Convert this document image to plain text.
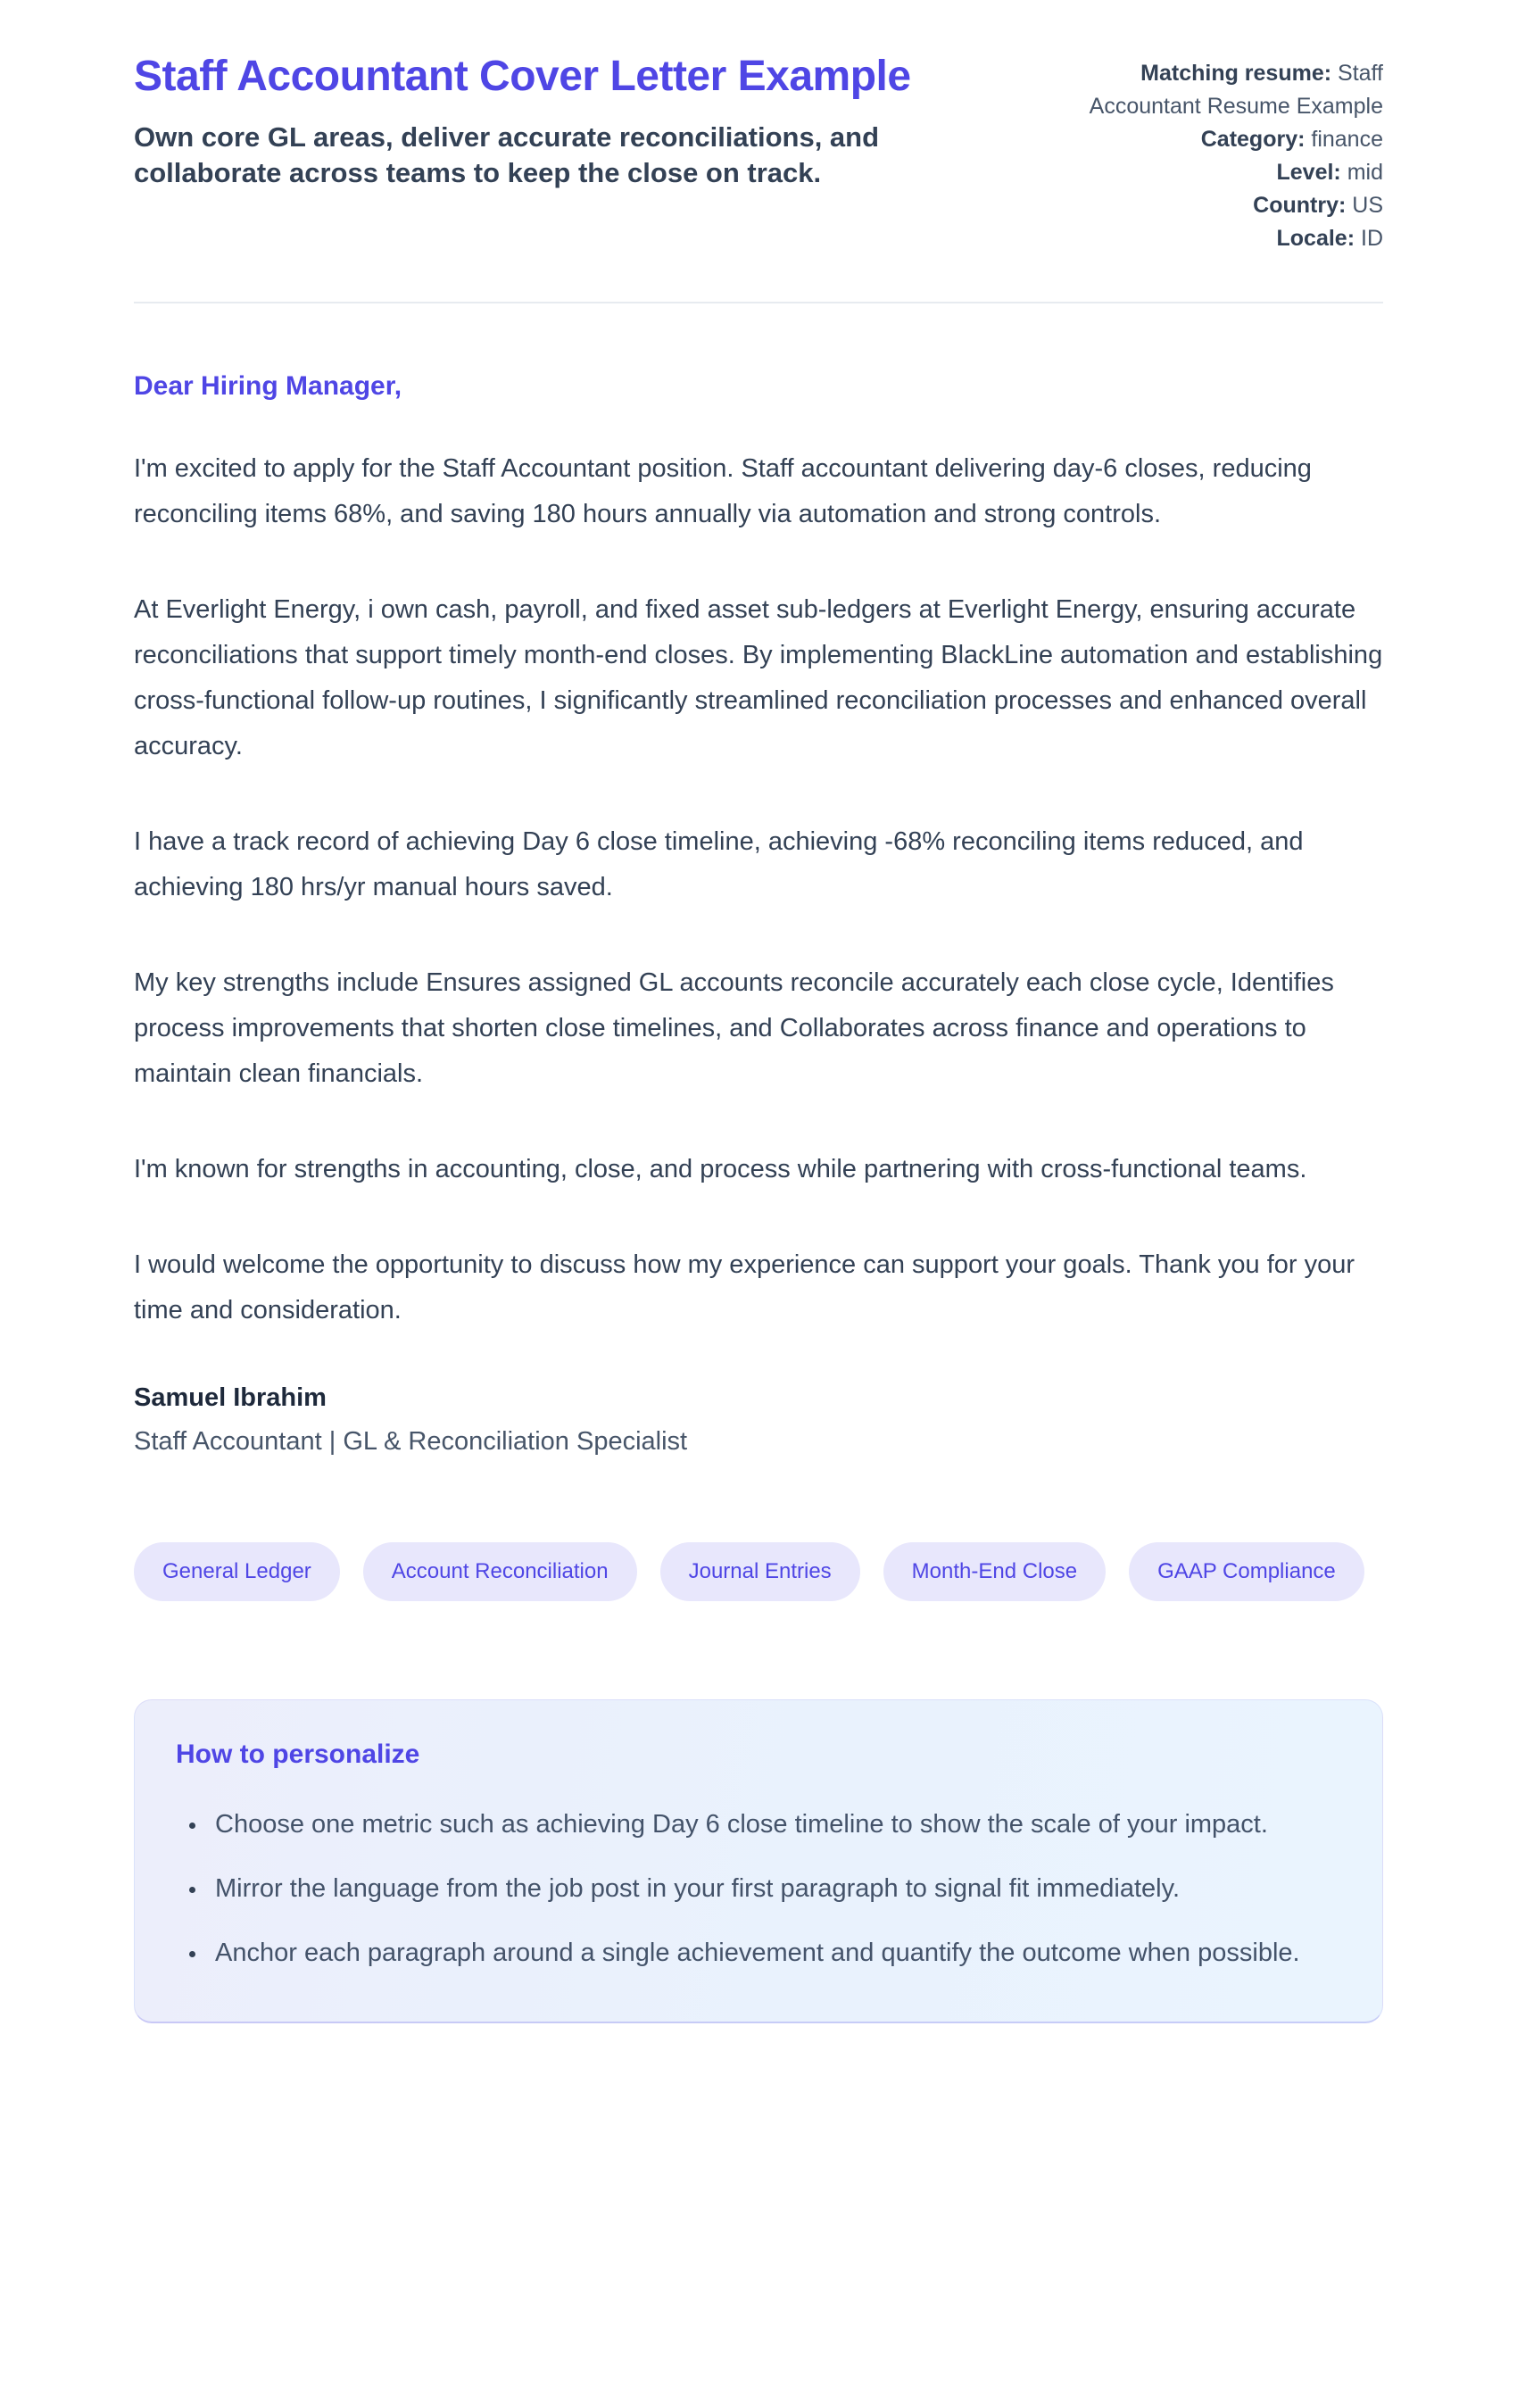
Staff Accountant Cover Letter Example
Own core GL areas, deliver accurate reconciliations, and collaborate across teams to keep the close on track.
Matching resume: Staff Accountant Resume Example
Category: finance
Level: mid
Country: US
Locale: ID
Dear Hiring Manager,

I'm excited to apply for the Staff Accountant position. Staff accountant delivering day-6 closes, reducing reconciling items 68%, and saving 180 hours annually via automation and strong controls.

At Everlight Energy, i own cash, payroll, and fixed asset sub-ledgers at Everlight Energy, ensuring accurate reconciliations that support timely month-end closes. By implementing BlackLine automation and establishing cross-functional follow-up routines, I significantly streamlined reconciliation processes and enhanced overall accuracy.

I have a track record of achieving Day 6 close timeline, achieving -68% reconciling items reduced, and achieving 180 hrs/yr manual hours saved.

My key strengths include Ensures assigned GL accounts reconcile accurately each close cycle, Identifies process improvements that shorten close timelines, and Collaborates across finance and operations to maintain clean financials.

I'm known for strengths in accounting, close, and process while partnering with cross-functional teams.

I would welcome the opportunity to discuss how my experience can support your goals. Thank you for your time and consideration.

Samuel Ibrahim
Staff Accountant | GL & Reconciliation Specialist
General Ledger	Account Reconciliation	Journal Entries	Month-End Close	GAAP Compliance
How to personalize
• Choose one metric such as achieving Day 6 close timeline to show the scale of your impact.
• Mirror the language from the job post in your first paragraph to signal fit immediately.
• Anchor each paragraph around a single achievement and quantify the outcome when possible.
